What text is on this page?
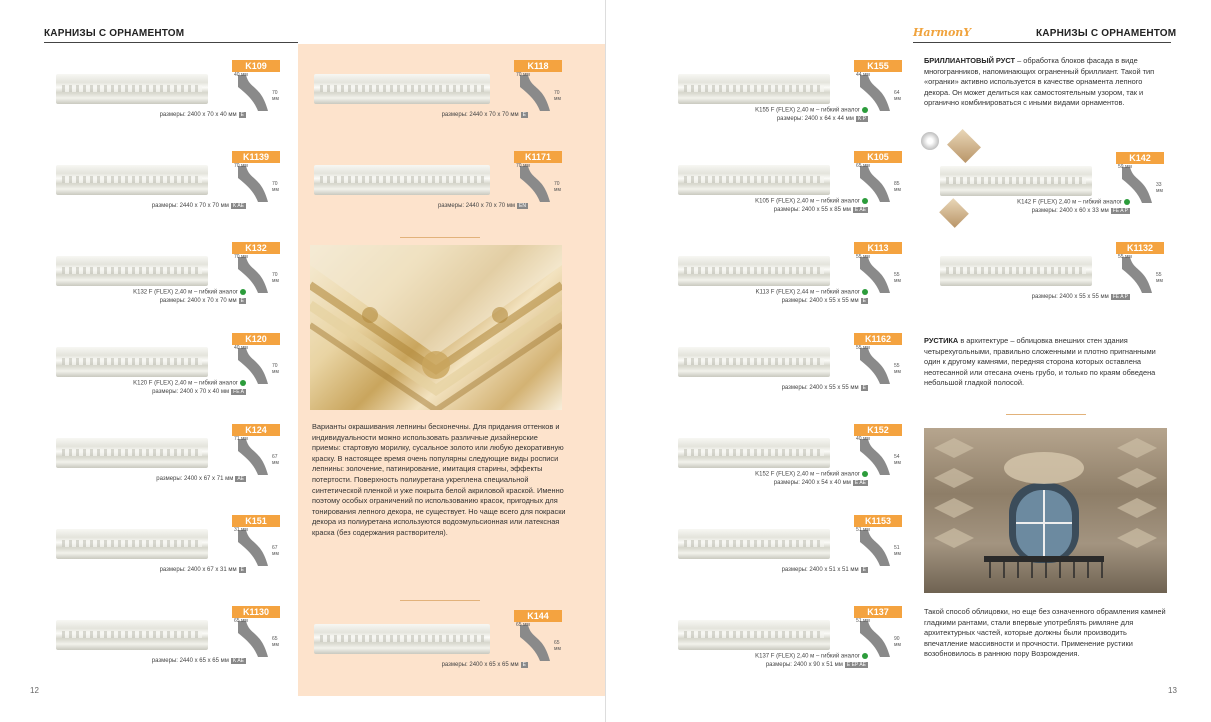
КАРНИЗЫ С ОРНАМЕНТОМ
K109
40 мм
70 мм
размеры: 2400 x 70 x 40 мм E
K1139
70 мм
70 мм
размеры: 2440 x 70 x 70 мм K AE
K132
70 мм
70 мм
K132 F (FLEX) 2,40 м – гибкий аналог
размеры: 2400 x 70 x 70 мм E
K120
40 мм
70 мм
K120 F (FLEX) 2,40 м – гибкий аналог
размеры: 2400 x 70 x 40 мм FE A
K124
71 мм
67 мм
размеры: 2400 x 67 x 71 мм AE
K151
31 мм
67 мм
размеры: 2400 x 67 x 31 мм E
K1130
65 мм
65 мм
размеры: 2440 x 65 x 65 мм K AE
K118
70 мм
70 мм
размеры: 2440 x 70 x 70 мм E
K1171
70 мм
70 мм
размеры: 2440 x 70 x 70 мм EN
K144
65 мм
65 мм
размеры: 2400 x 65 x 65 мм E
Варианты окрашивания лепнины бесконечны. Для придания оттенков и индивидуальности можно использовать различные дизайнерские приемы: стартовую морилку, сусальное золото или любую декоративную краску. В настоящее время очень популярны следующие виды росписи лепнины: золочение, патинирование, имитация старины, эффекты потертости. Поверхность полиуретана укреплена специальной синтетической пленкой и уже покрыта белой акриловой краской. Именно поэтому особых ограничений по использованию красок, пригодных для тонирования лепного декора, не существует. Но чаще всего для покраски декора из полиуретана используются водоэмульсионная или латексная краска (без содержания растворителя).
12
HarmonY	КАРНИЗЫ С ОРНАМЕНТОМ
K155
44 мм
64 мм
K155 F (FLEX) 2,40 м – гибкий аналог
размеры: 2400 x 64 x 44 мм K P
K105
65 мм
85 мм
K105 F (FLEX) 2,40 м – гибкий аналог
размеры: 2400 x 55 x 85 мм E AE
K113
55 мм
55 мм
K113 F (FLEX) 2,44 м – гибкий аналог
размеры: 2400 x 55 x 55 мм E
K1162
55 мм
55 мм
размеры: 2400 x 55 x 55 мм E
K152
40 мм
54 мм
K152 F (FLEX) 2,40 м – гибкий аналог
размеры: 2400 x 54 x 40 мм E AE
K1153
51 мм
51 мм
размеры: 2400 x 51 x 51 мм E
K137
51 мм
90 мм
K137 F (FLEX) 2,40 м – гибкий аналог
размеры: 2400 x 90 x 51 мм E EP AE
БРИЛЛИАНТОВЫЙ РУСТ – обработка блоков фасада в виде многогранников, напоминающих ограненный бриллиант. Такой тип «огранки» активно используется в качестве орнамента лепного декора. Он может делиться как самостоятельным узором, так и органично комбинироваться с иными видами орнаментов.
K142
59 мм
33 мм
K142 F (FLEX) 2,40 м – гибкий аналог
размеры: 2400 x 60 x 33 мм FE A P
K1132
55 мм
55 мм
размеры: 2400 x 55 x 55 мм FE A P
РУСТИКА в архитектуре – облицовка внешних стен здания четырехугольными, правильно сложенными и плотно пригнанными один к другому камнями, передняя сторона которых оставлена неотесанной или отесана очень грубо, и только по краям обведена небольшой гладкой полосой.
Такой способ облицовки, но еще без означенного обрамления камней гладкими рантами, стали впервые употреблять римляне для архитектурных частей, которые должны были производить впечатление массивности и прочности. Применение рустики возобновилось в раннюю пору Возрождения.
13
